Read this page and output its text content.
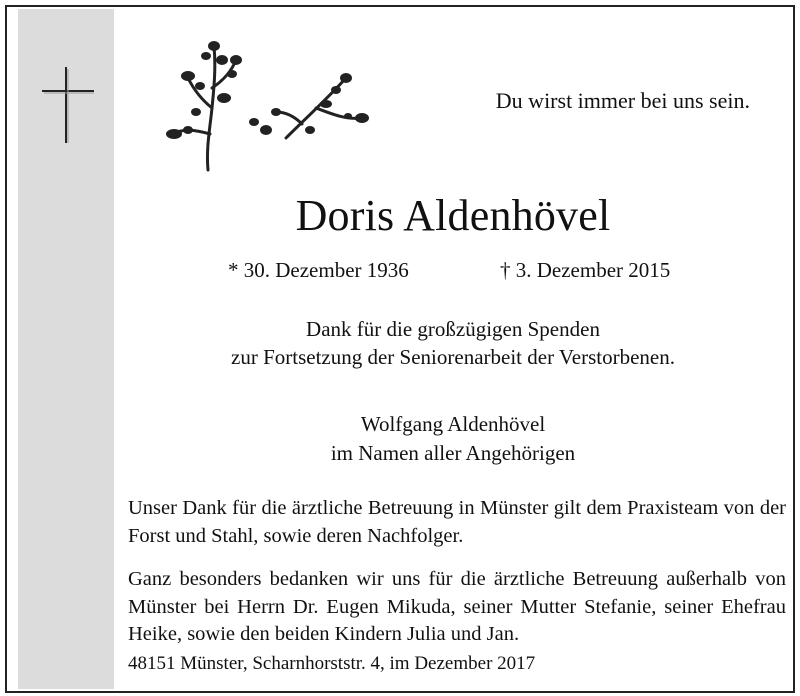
Du wirst immer bei uns sein.
Doris Aldenhövel
* 30. Dezember 1936	† 3. Dezember 2015
Dank für die großzügigen Spenden
zur Fortsetzung der Seniorenarbeit der Verstorbenen.
Wolfgang Aldenhövel
im Namen aller Angehörigen
Unser Dank für die ärztliche Betreuung in Münster gilt dem Praxisteam von der Forst und Stahl, sowie deren Nachfolger.
Ganz besonders bedanken wir uns für die ärztliche Betreuung außerhalb von Münster bei Herrn Dr. Eugen Mikuda, seiner Mutter Stefanie, seiner Ehefrau Heike, sowie den beiden Kindern Julia und Jan.
48151 Münster, Scharnhorststr. 4, im Dezember 2017
